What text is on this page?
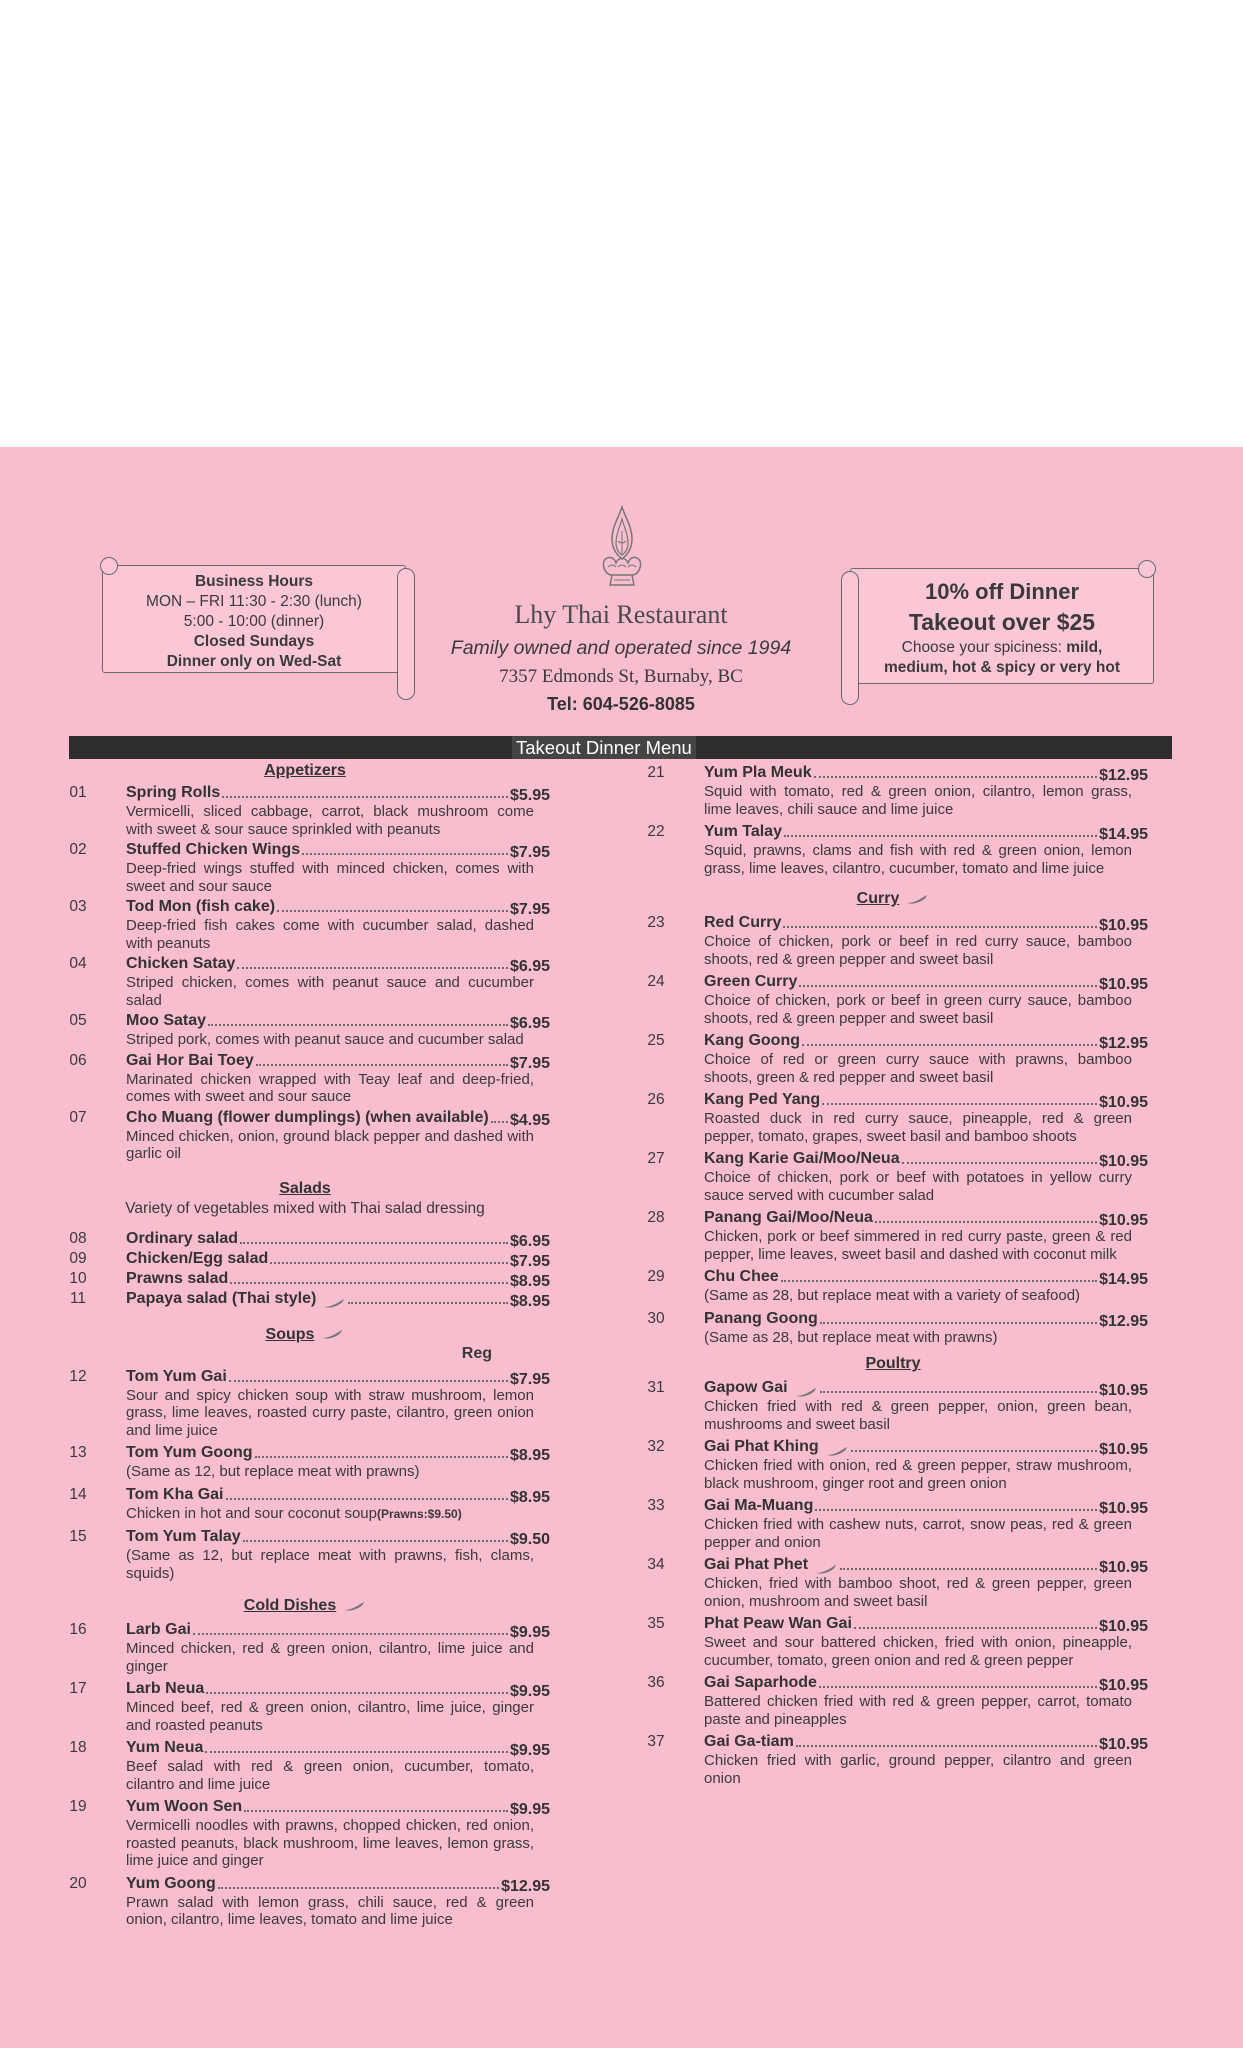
Business Hours
MON – FRI 11:30 - 2:30 (lunch)
5:00 - 10:00 (dinner)
Closed Sundays
Dinner only on Wed-Sat
Lhy Thai Restaurant
Family owned and operated since 1994
7357 Edmonds St, Burnaby, BC
Tel: 604-526-8085
10% off Dinner
Takeout over $25
Choose your spiciness: mild,
medium, hot & spicy or very hot
Takeout Dinner Menu
Appetizers
01	Spring Rolls	$5.95
Vermicelli, sliced cabbage, carrot, black mushroom come with sweet & sour sauce sprinkled with peanuts
02	Stuffed Chicken Wings	$7.95
Deep-fried wings stuffed with minced chicken, comes with sweet and sour sauce
03	Tod Mon (fish cake)	$7.95
Deep-fried fish cakes come with cucumber salad, dashed with peanuts
04	Chicken Satay	$6.95
Striped chicken, comes with peanut sauce and cucumber salad
05	Moo Satay	$6.95
Striped pork, comes with peanut sauce and cucumber salad
06	Gai Hor Bai Toey	$7.95
Marinated chicken wrapped with Teay leaf and deep-fried, comes with sweet and sour sauce
07	Cho Muang (flower dumplings) (when available) $4.95
Minced chicken, onion, ground black pepper and dashed with garlic oil
Salads
Variety of vegetables mixed with Thai salad dressing
08	Ordinary salad	$6.95
09	Chicken/Egg salad	$7.95
10	Prawns salad	$8.95
11	Papaya salad (Thai style)	$8.95
Soups
Reg
12	Tom Yum Gai	$7.95
Sour and spicy chicken soup with straw mushroom, lemon grass, lime leaves, roasted curry paste, cilantro, green onion and lime juice
13	Tom Yum Goong	$8.95
(Same as 12, but replace meat with prawns)
14	Tom Kha Gai	$8.95
Chicken in hot and sour coconut soup(Prawns:$9.50)
15	Tom Yum Talay	$9.50
(Same as 12, but replace meat with prawns, fish, clams, squids)
Cold Dishes
16	Larb Gai	$9.95
Minced chicken, red & green onion, cilantro, lime juice and ginger
17	Larb Neua	$9.95
Minced beef, red & green onion, cilantro, lime juice, ginger and roasted peanuts
18	Yum Neua	$9.95
Beef salad with red & green onion, cucumber, tomato, cilantro and lime juice
19	Yum Woon Sen	$9.95
Vermicelli noodles with prawns, chopped chicken, red onion, roasted peanuts, black mushroom, lime leaves, lemon grass, lime juice and ginger
20	Yum Goong	$12.95
Prawn salad with lemon grass, chili sauce, red & green onion, cilantro, lime leaves, tomato and lime juice
21	Yum Pla Meuk	$12.95
Squid with tomato, red & green onion, cilantro, lemon grass, lime leaves, chili sauce and lime juice
22	Yum Talay	$14.95
Squid, prawns, clams and fish with red & green onion, lemon grass, lime leaves, cilantro, cucumber, tomato and lime juice
Curry
23	Red Curry	$10.95
Choice of chicken, pork or beef in red curry sauce, bamboo shoots, red & green pepper and sweet basil
24	Green Curry	$10.95
Choice of chicken, pork or beef in green curry sauce, bamboo shoots, red & green pepper and sweet basil
25	Kang Goong	$12.95
Choice of red or green curry sauce with prawns, bamboo shoots, green & red pepper and sweet basil
26	Kang Ped Yang	$10.95
Roasted duck in red curry sauce, pineapple, red & green pepper, tomato, grapes, sweet basil and bamboo shoots
27	Kang Karie Gai/Moo/Neua	$10.95
Choice of chicken, pork or beef with potatoes in yellow curry sauce served with cucumber salad
28	Panang Gai/Moo/Neua	$10.95
Chicken, pork or beef simmered in red curry paste, green & red pepper, lime leaves, sweet basil and dashed with coconut milk
29	Chu Chee	$14.95
(Same as 28, but replace meat with a variety of seafood)
30	Panang Goong	$12.95
(Same as 28, but replace meat with prawns)
Poultry
31	Gapow Gai	$10.95
Chicken fried with red & green pepper, onion, green bean, mushrooms and sweet basil
32	Gai Phat Khing	$10.95
Chicken fried with onion, red & green pepper, straw mushroom, black mushroom, ginger root and green onion
33	Gai Ma-Muang	$10.95
Chicken fried with cashew nuts, carrot, snow peas, red & green pepper and onion
34	Gai Phat Phet	$10.95
Chicken, fried with bamboo shoot, red & green pepper, green onion, mushroom and sweet basil
35	Phat Peaw Wan Gai	$10.95
Sweet and sour battered chicken, fried with onion, pineapple, cucumber, tomato, green onion and red & green pepper
36	Gai Saparhode	$10.95
Battered chicken fried with red & green pepper, carrot, tomato paste and pineapples
37	Gai Ga-tiam	$10.95
Chicken fried with garlic, ground pepper, cilantro and green onion
